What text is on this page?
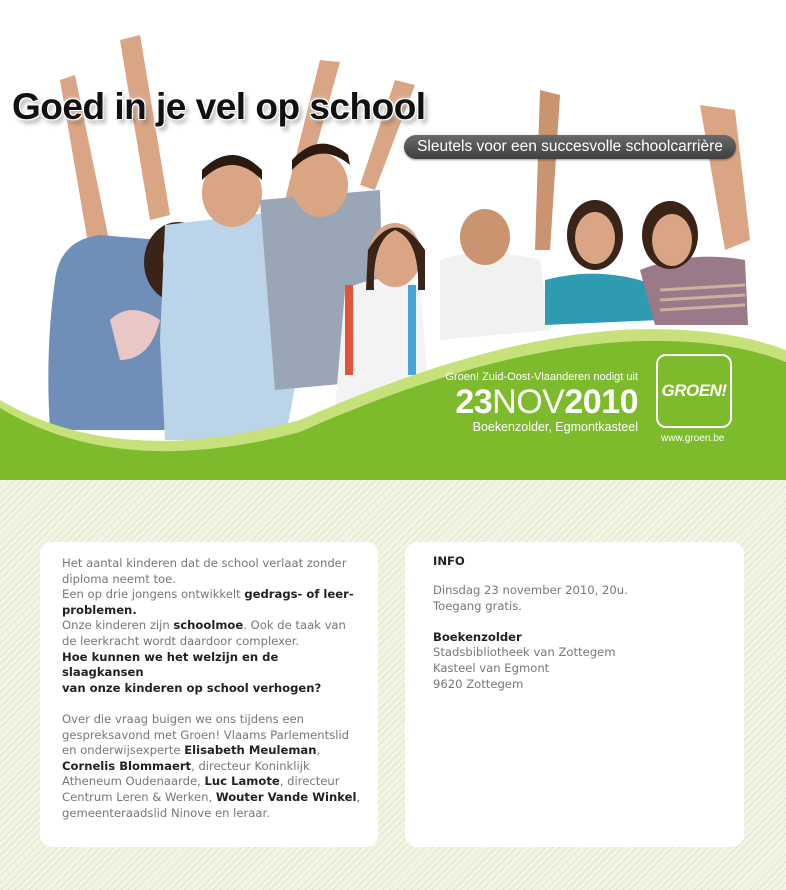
Goed in je vel op school
Sleutels voor een succesvolle schoolcarrière
Groen! Zuid-Oost-Vlaanderen nodigt uit
23NOV2010
Boekenzolder, Egmontkasteel
GROEN!
www.groen.be

Het aantal kinderen dat de school verlaat zonder
diploma neemt toe.
Een op drie jongens ontwikkelt gedrags- of leer-
problemen.
Onze kinderen zijn schoolmoe. Ook de taak van
de leerkracht wordt daardoor complexer.
Hoe kunnen we het welzijn en de slaagkansen
van onze kinderen op school verhogen?

Over die vraag buigen we ons tijdens een
gespreksavond met Groen! Vlaams Parlementslid
en onderwijsexperte Elisabeth Meuleman,
Cornelis Blommaert, directeur Koninklijk
Atheneum Oudenaarde, Luc Lamote, directeur
Centrum Leren & Werken, Wouter Vande Winkel,
gemeenteraadslid Ninove en leraar.

INFO

Dinsdag 23 november 2010, 20u.
Toegang gratis.

Boekenzolder
Stadsbibliotheek van Zottegem
Kasteel van Egmont
9620 Zottegem
